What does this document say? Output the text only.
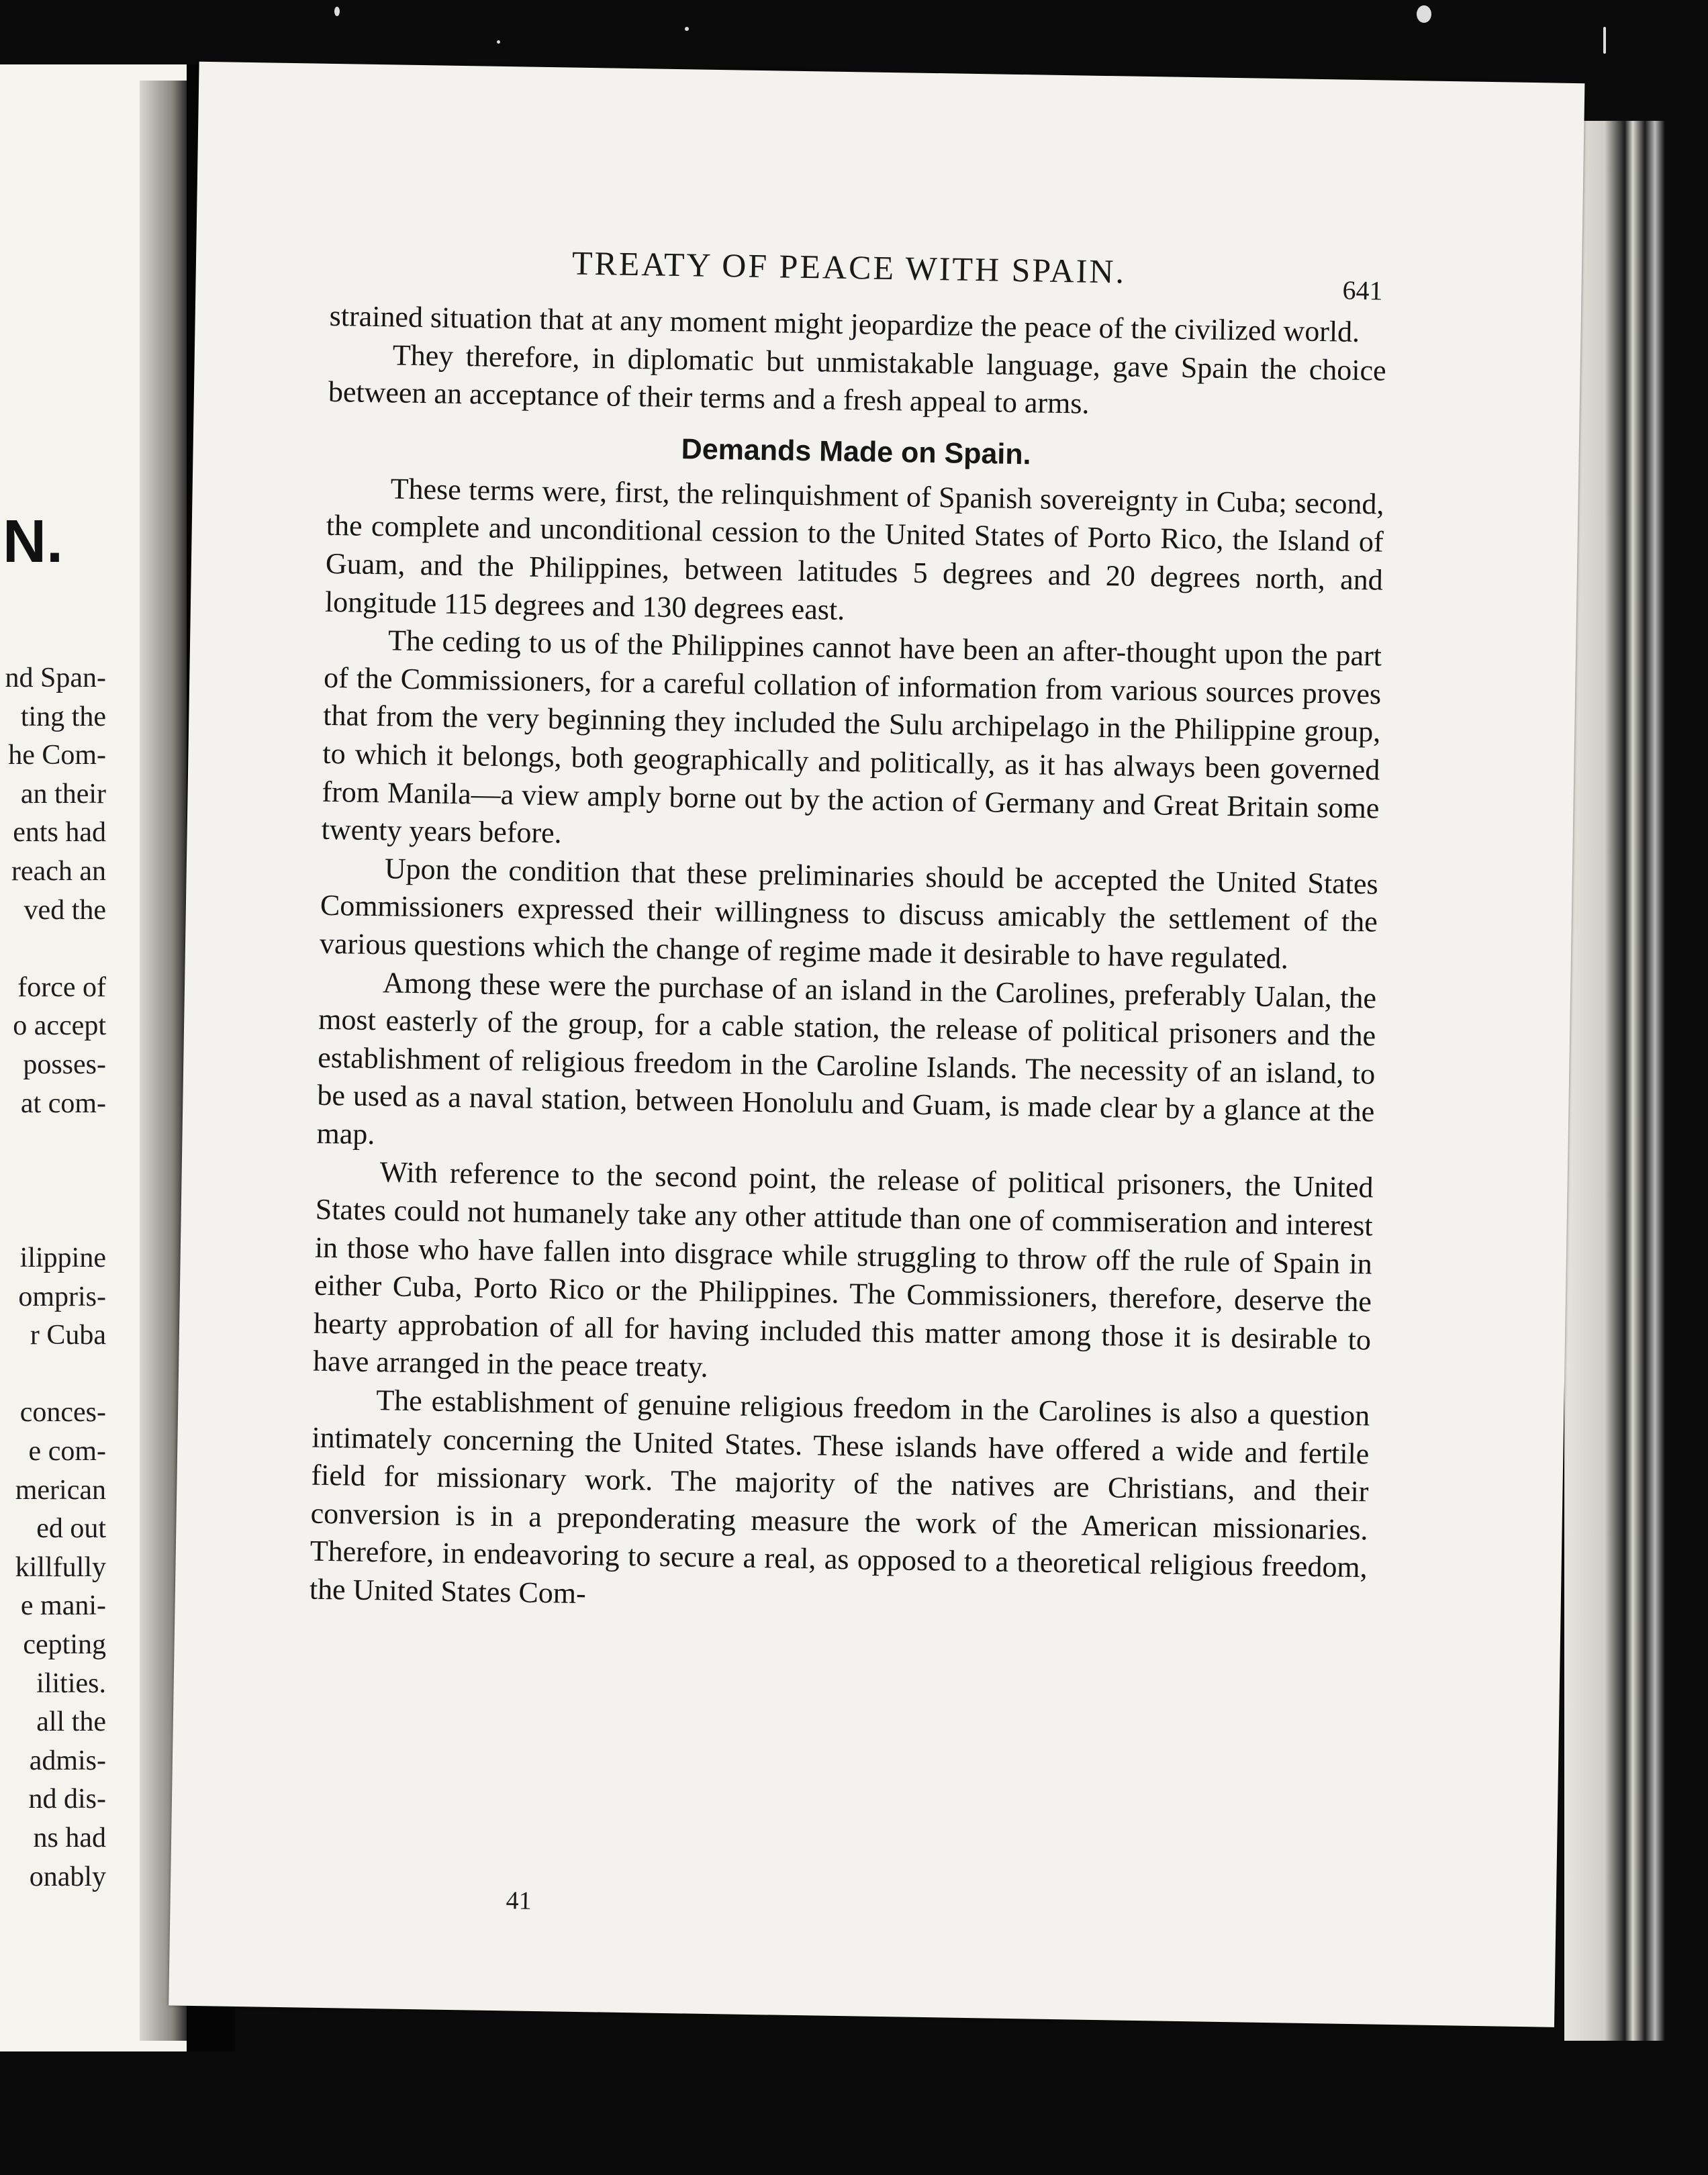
N.
nd Span-
ting the
he Com-
an their
ents had
reach an
ved the
force of
o accept
posses-
at com-
ilippine
ompris-
r Cuba
conces-
e com-
merican
ed out
killfully
e mani-
cepting
ilities.
all the
admis-
nd dis-
ns had
onably
TREATY OF PEACE WITH SPAIN.
641

strained situation that at any moment might jeopardize the peace of the civilized world.

They therefore, in diplomatic but unmistakable language, gave Spain the choice between an acceptance of their terms and a fresh appeal to arms.

Demands Made on Spain.

These terms were, first, the relinquishment of Spanish sovereignty in Cuba; second, the complete and unconditional cession to the United States of Porto Rico, the Island of Guam, and the Philippines, between latitudes 5 degrees and 20 degrees north, and longitude 115 degrees and 130 degrees east.

The ceding to us of the Philippines cannot have been an after-thought upon the part of the Commissioners, for a careful collation of information from various sources proves that from the very beginning they included the Sulu archipelago in the Philippine group, to which it belongs, both geographically and politically, as it has always been governed from Manila—a view amply borne out by the action of Germany and Great Britain some twenty years before.

Upon the condition that these preliminaries should be accepted the United States Commissioners expressed their willingness to discuss amicably the settlement of the various questions which the change of regime made it desirable to have regulated.

Among these were the purchase of an island in the Carolines, preferably Ualan, the most easterly of the group, for a cable station, the release of political prisoners and the establishment of religious freedom in the Caroline Islands. The necessity of an island, to be used as a naval station, between Honolulu and Guam, is made clear by a glance at the map.

With reference to the second point, the release of political prisoners, the United States could not humanely take any other attitude than one of commiseration and interest in those who have fallen into disgrace while struggling to throw off the rule of Spain in either Cuba, Porto Rico or the Philippines. The Commissioners, therefore, deserve the hearty approbation of all for having included this matter among those it is desirable to have arranged in the peace treaty.

The establishment of genuine religious freedom in the Carolines is also a question intimately concerning the United States. These islands have offered a wide and fertile field for missionary work. The majority of the natives are Christians, and their conversion is in a preponderating measure the work of the American missionaries. Therefore, in endeavoring to secure a real, as opposed to a theoretical religious freedom, the United States Com-

41
